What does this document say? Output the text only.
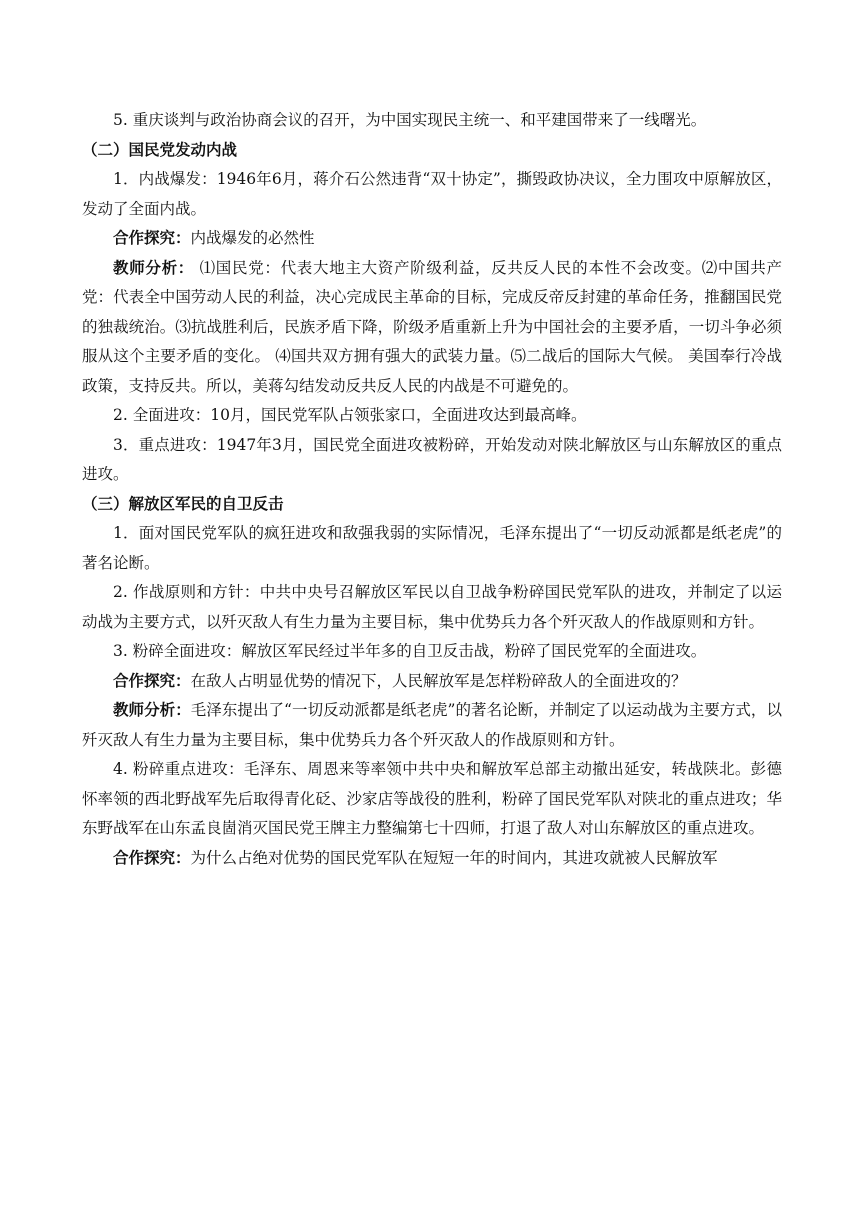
5. 重庆谈判与政治协商会议的召开，为中国实现民主统一、和平建国带来了一线曙光。

（二）国民党发动内战

1．内战爆发：1946年6月，蒋介石公然违背“双十协定”，撕毁政协决议，全力围攻中原解放区，发动了全面内战。

合作探究：内战爆发的必然性

教师分析： ⑴国民党：代表大地主大资产阶级利益，反共反人民的本性不会改变。⑵中国共产党：代表全中国劳动人民的利益，决心完成民主革命的目标，完成反帝反封建的革命任务，推翻国民党的独裁统治。⑶抗战胜利后，民族矛盾下降，阶级矛盾重新上升为中国社会的主要矛盾，一切斗争必须服从这个主要矛盾的变化。 ⑷国共双方拥有强大的武装力量。⑸二战后的国际大气候。 美国奉行冷战政策，支持反共。所以，美蒋勾结发动反共反人民的内战是不可避免的。

2. 全面进攻：10月，国民党军队占领张家口，全面进攻达到最高峰。

3．重点进攻：1947年3月，国民党全面进攻被粉碎，开始发动对陕北解放区与山东解放区的重点进攻。

（三）解放区军民的自卫反击

1．面对国民党军队的疯狂进攻和敌强我弱的实际情况，毛泽东提出了“一切反动派都是纸老虎”的著名论断。

2. 作战原则和方针：中共中央号召解放区军民以自卫战争粉碎国民党军队的进攻，并制定了以运动战为主要方式，以歼灭敌人有生力量为主要目标，集中优势兵力各个歼灭敌人的作战原则和方针。

3. 粉碎全面进攻：解放区军民经过半年多的自卫反击战，粉碎了国民党军的全面进攻。

合作探究：在敌人占明显优势的情况下，人民解放军是怎样粉碎敌人的全面进攻的？

教师分析：毛泽东提出了“一切反动派都是纸老虎”的著名论断，并制定了以运动战为主要方式，以歼灭敌人有生力量为主要目标，集中优势兵力各个歼灭敌人的作战原则和方针。

4. 粉碎重点进攻：毛泽东、周恩来等率领中共中央和解放军总部主动撤出延安，转战陕北。彭德怀率领的西北野战军先后取得青化砭、沙家店等战役的胜利，粉碎了国民党军队对陕北的重点进攻；华东野战军在山东孟良崮消灭国民党王牌主力整编第七十四师，打退了敌人对山东解放区的重点进攻。

合作探究：为什么占绝对优势的国民党军队在短短一年的时间内，其进攻就被人民解放军
